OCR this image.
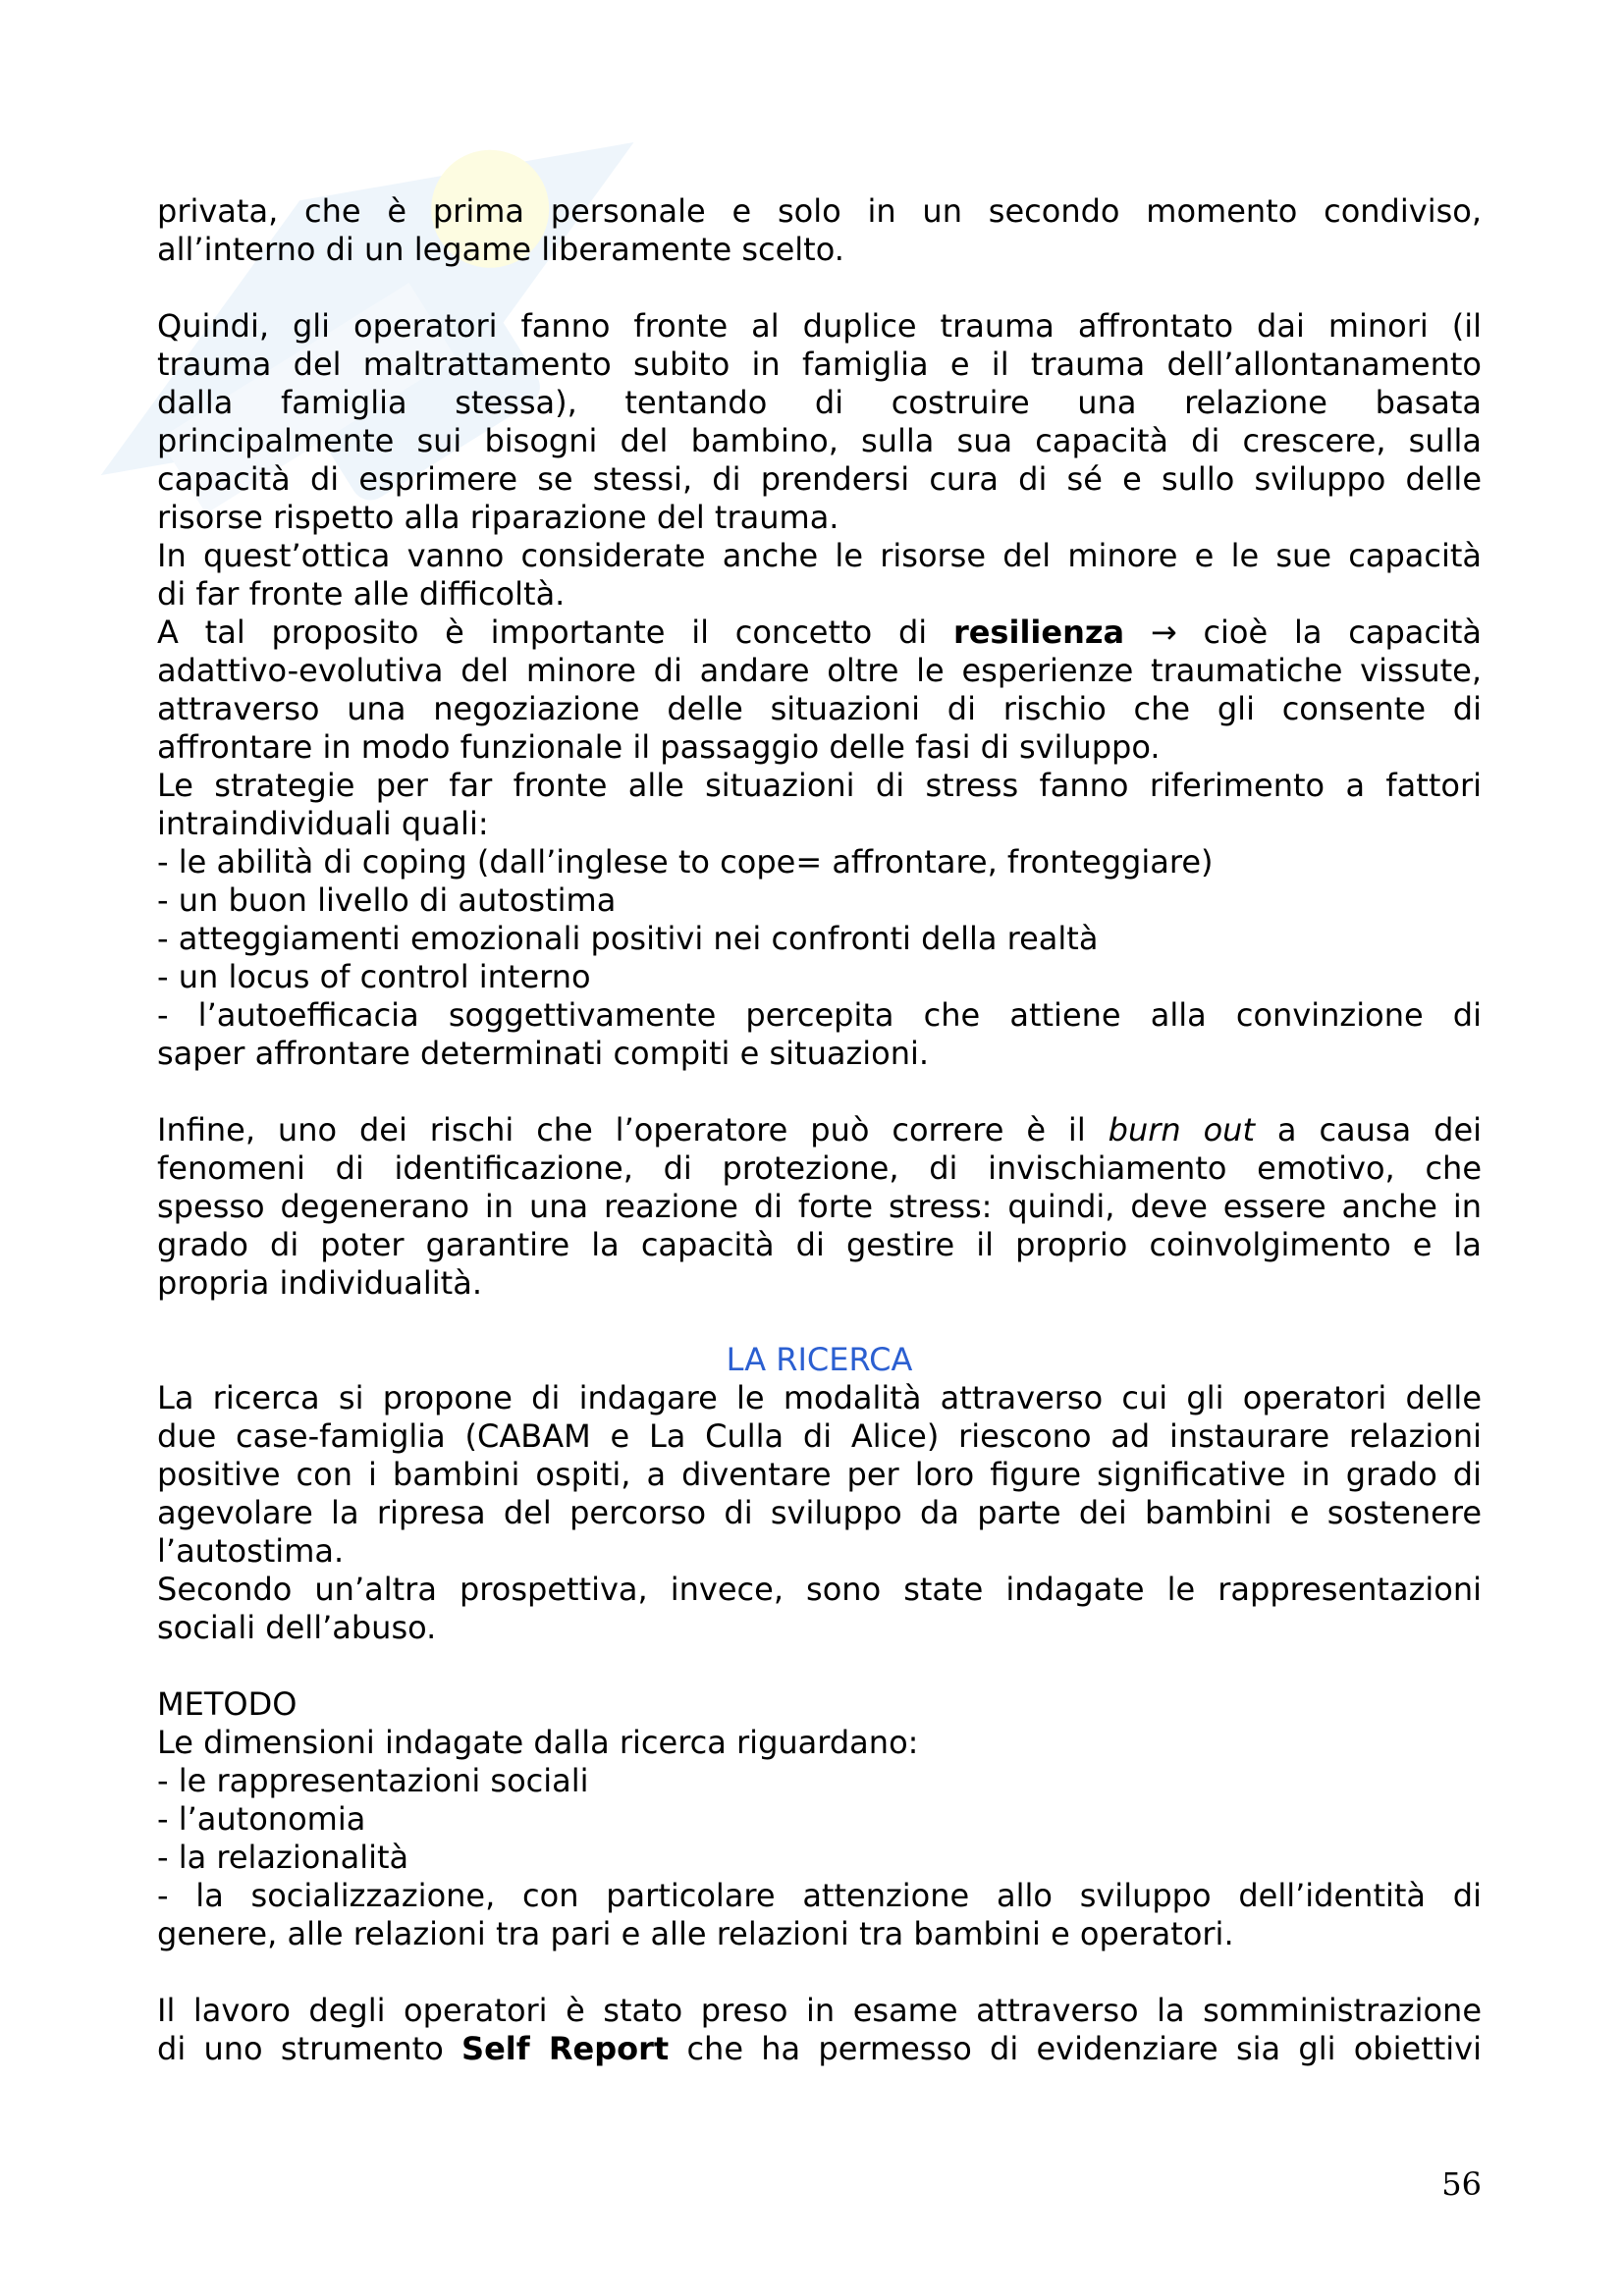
privata, che è prima personale e solo in un secondo momento condiviso,

all’interno di un legame liberamente scelto.

Quindi, gli operatori fanno fronte al duplice trauma affrontato dai minori (il

trauma del maltrattamento subito in famiglia e il trauma dell’allontanamento

dalla famiglia stessa), tentando di costruire una relazione basata

principalmente sui bisogni del bambino, sulla sua capacità di crescere, sulla

capacità di esprimere se stessi, di prendersi cura di sé e sullo sviluppo delle

risorse rispetto alla riparazione del trauma.

In quest’ottica vanno considerate anche le risorse del minore e le sue capacità

di far fronte alle difficoltà.

A tal proposito è importante il concetto di resilienza → cioè la capacità

adattivo-evolutiva del minore di andare oltre le esperienze traumatiche vissute,

attraverso una negoziazione delle situazioni di rischio che gli consente di

affrontare in modo funzionale il passaggio delle fasi di sviluppo.

Le strategie per far fronte alle situazioni di stress fanno riferimento a fattori

intraindividuali quali:

- le abilità di coping (dall’inglese to cope= affrontare, fronteggiare)

- un buon livello di autostima

- atteggiamenti emozionali positivi nei confronti della realtà

- un locus of control interno

- l’autoefficacia soggettivamente percepita che attiene alla convinzione di

saper affrontare determinati compiti e situazioni.

Infine, uno dei rischi che l’operatore può correre è il burn out a causa dei

fenomeni di identificazione, di protezione, di invischiamento emotivo, che

spesso degenerano in una reazione di forte stress: quindi, deve essere anche in

grado di poter garantire la capacità di gestire il proprio coinvolgimento e la

propria individualità.

LA RICERCA

La ricerca si propone di indagare le modalità attraverso cui gli operatori delle

due case-famiglia (CABAM e La Culla di Alice) riescono ad instaurare relazioni

positive con i bambini ospiti, a diventare per loro figure significative in grado di

agevolare la ripresa del percorso di sviluppo da parte dei bambini e sostenere

l’autostima.

Secondo un’altra prospettiva, invece, sono state indagate le rappresentazioni

sociali dell’abuso.

METODO

Le dimensioni indagate dalla ricerca riguardano:

- le rappresentazioni sociali

- l’autonomia

- la relazionalità

- la socializzazione, con particolare attenzione allo sviluppo dell’identità di

genere, alle relazioni tra pari e alle relazioni tra bambini e operatori.

Il lavoro degli operatori è stato preso in esame attraverso la somministrazione

di uno strumento Self Report che ha permesso di evidenziare sia gli obiettivi

56
